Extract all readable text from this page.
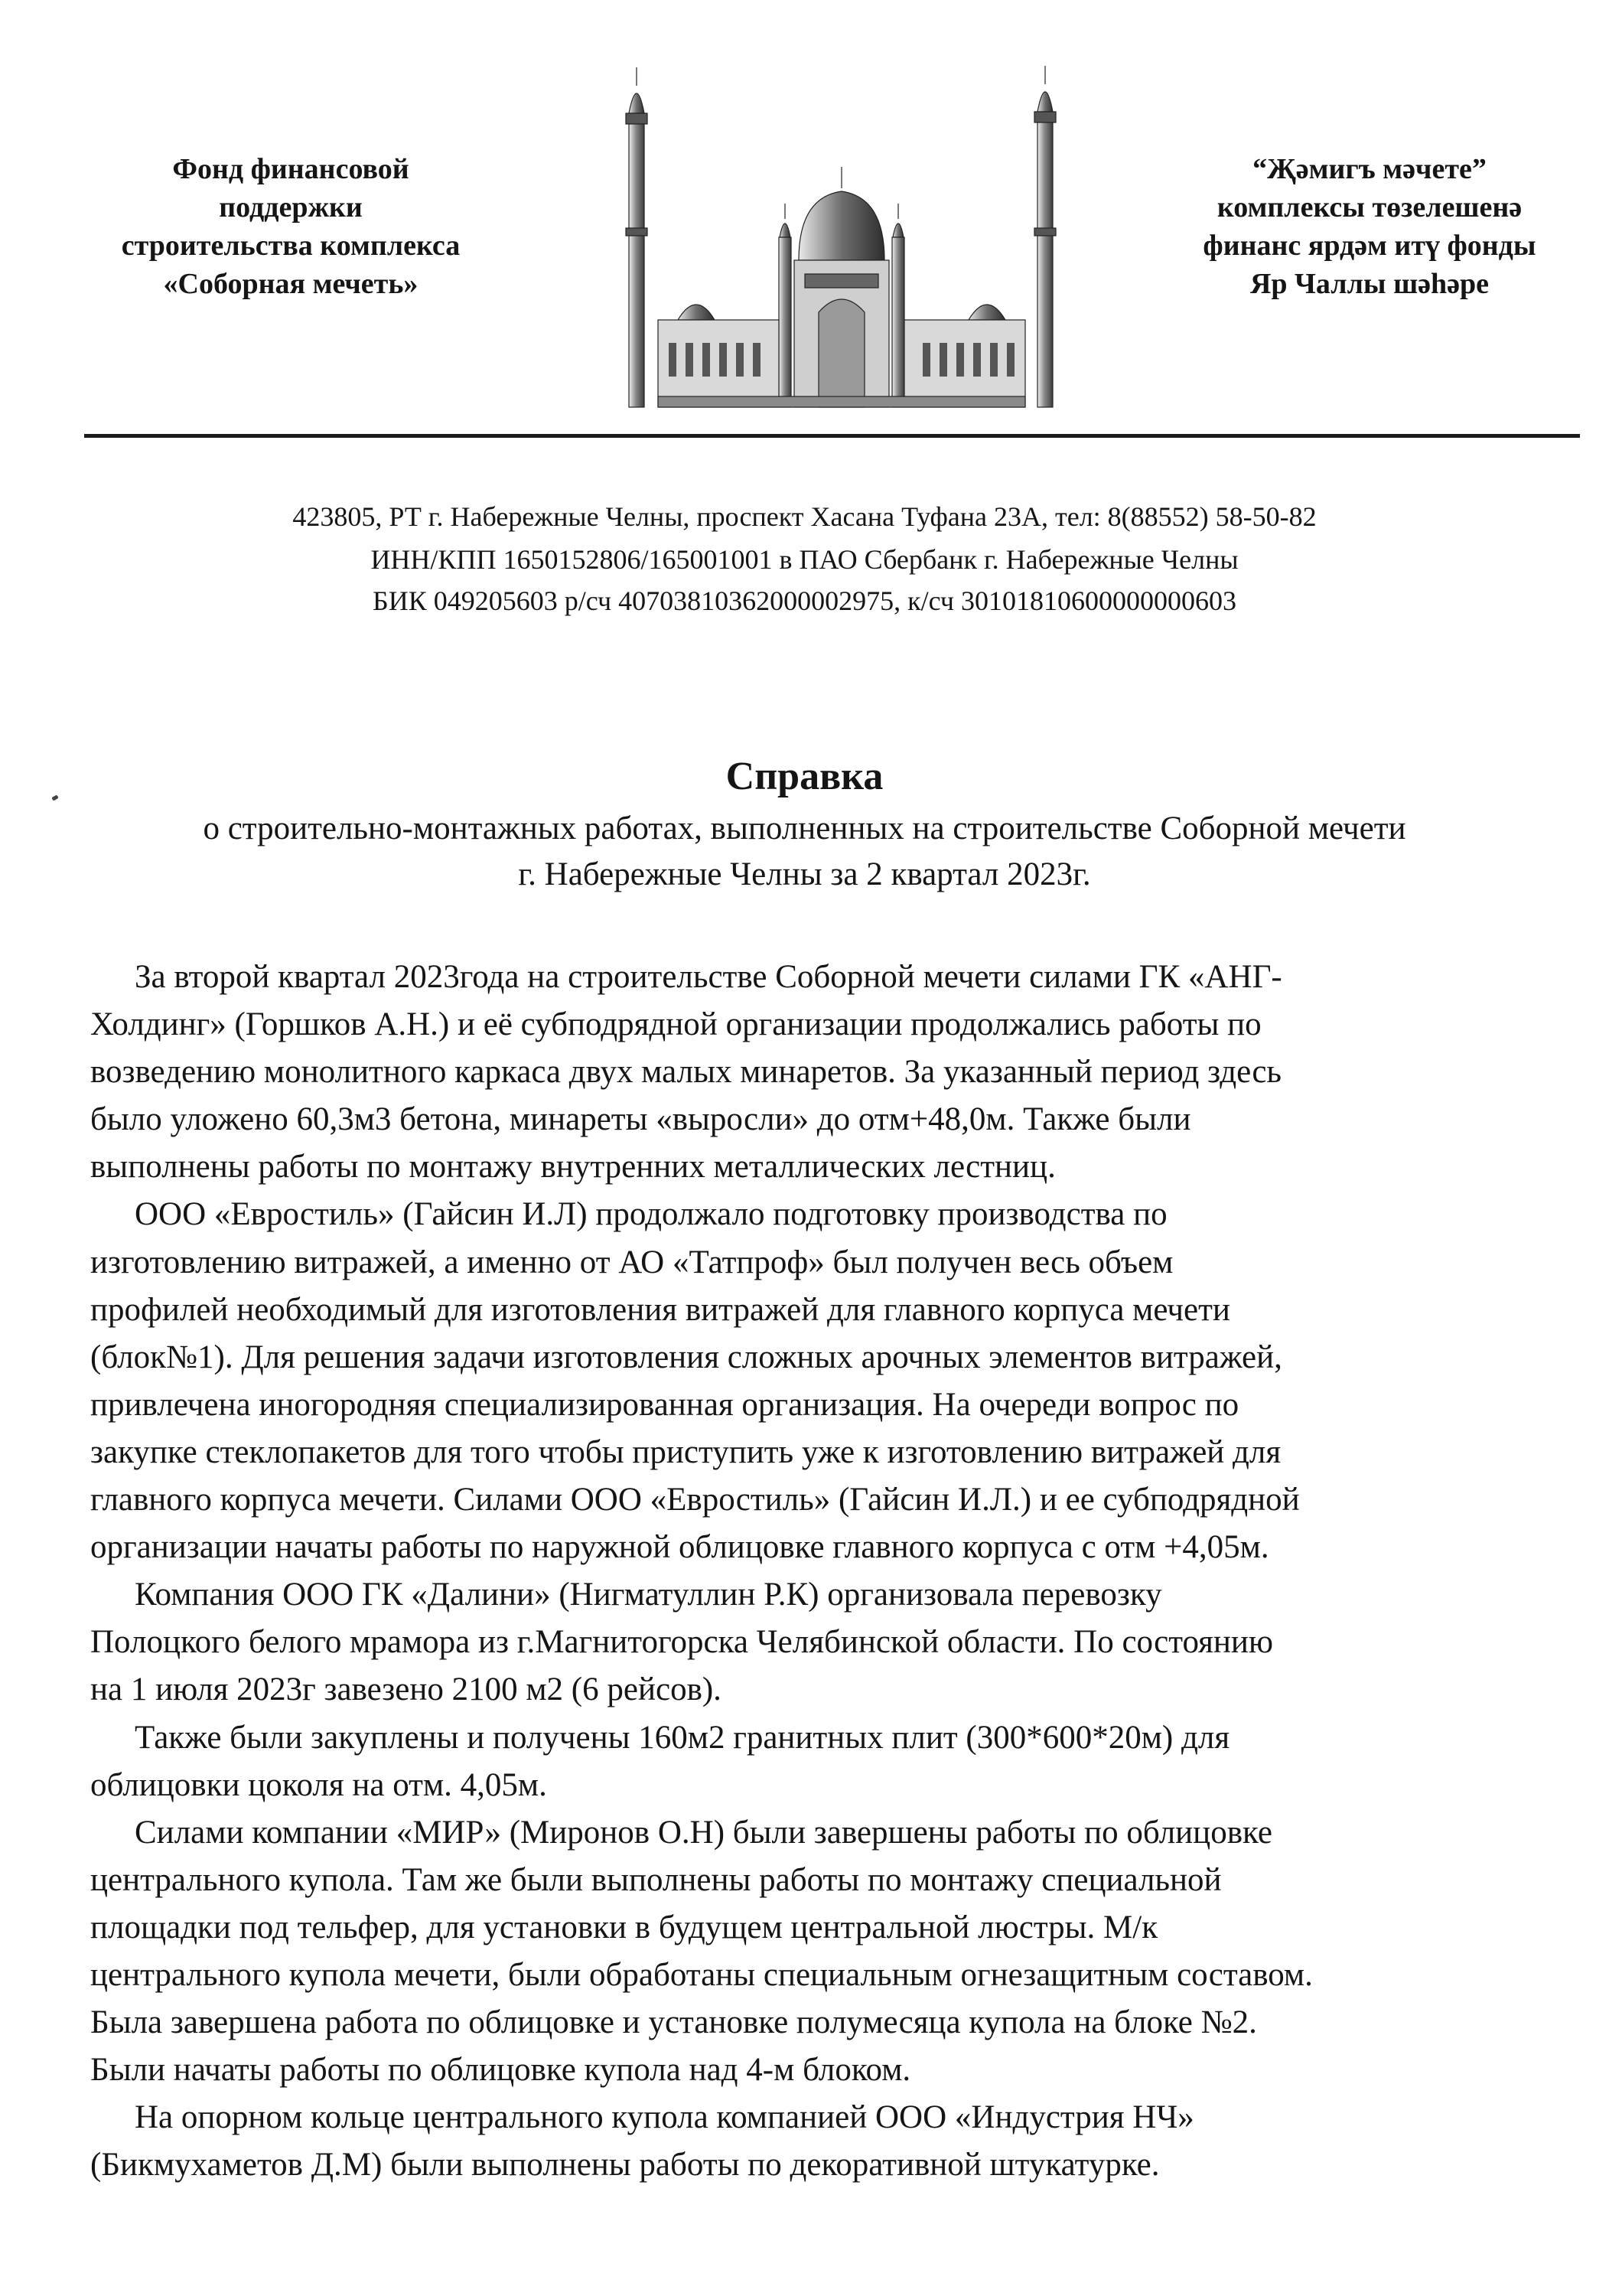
Фонд финансовой
поддержки
строительства комплекса
«Соборная мечеть»
“Җәмигъ мәчете”
комплексы төзелешенә
финанс ярдәм итү фонды
Яр Чаллы шәһәре
423805, РТ г. Набережные Челны, проспект Хасана Туфана 23А, тел: 8(88552) 58-50-82
ИНН/КПП 1650152806/165001001 в ПАО Сбербанк г. Набережные Челны
БИК 049205603 р/сч 40703810362000002975, к/сч 30101810600000000603
Справка
о строительно-монтажных работах, выполненных на строительстве Соборной мечети
г. Набережные Челны за 2 квартал 2023г.
За второй квартал 2023года на строительстве Соборной мечети силами ГК «АНГ-
Холдинг» (Горшков А.Н.) и её субподрядной организации продолжались работы по
возведению монолитного каркаса двух малых минаретов. За указанный период здесь
было уложено 60,3м3 бетона, минареты «выросли» до отм+48,0м. Также были
выполнены работы по монтажу внутренних металлических лестниц.
ООО «Евростиль» (Гайсин И.Л) продолжало подготовку производства по
изготовлению витражей, а именно от АО «Татпроф» был получен весь объем
профилей необходимый для изготовления витражей для главного корпуса мечети
(блок№1). Для решения задачи изготовления сложных арочных элементов витражей,
привлечена иногородняя специализированная организация. На очереди вопрос по
закупке стеклопакетов для того чтобы приступить уже к изготовлению витражей для
главного корпуса мечети. Силами ООО «Евростиль» (Гайсин И.Л.) и ее субподрядной
организации начаты работы по наружной облицовке главного корпуса с отм +4,05м.
Компания ООО ГК «Далини» (Нигматуллин Р.К) организовала перевозку
Полоцкого белого мрамора из г.Магнитогорска Челябинской области. По состоянию
на 1 июля 2023г завезено 2100 м2 (6 рейсов).
Также были закуплены и получены 160м2 гранитных плит (300*600*20м) для
облицовки цоколя на отм. 4,05м.
Силами компании «МИР» (Миронов О.Н) были завершены работы по облицовке
центрального купола. Там же были выполнены работы по монтажу специальной
площадки под тельфер, для установки в будущем центральной люстры. М/к
центрального купола мечети, были обработаны специальным огнезащитным составом.
Была завершена работа по облицовке и установке полумесяца купола на блоке №2.
Были начаты работы по облицовке купола над 4-м блоком.
На опорном кольце центрального купола компанией ООО «Индустрия НЧ»
(Бикмухаметов Д.М) были выполнены работы по декоративной штукатурке.
